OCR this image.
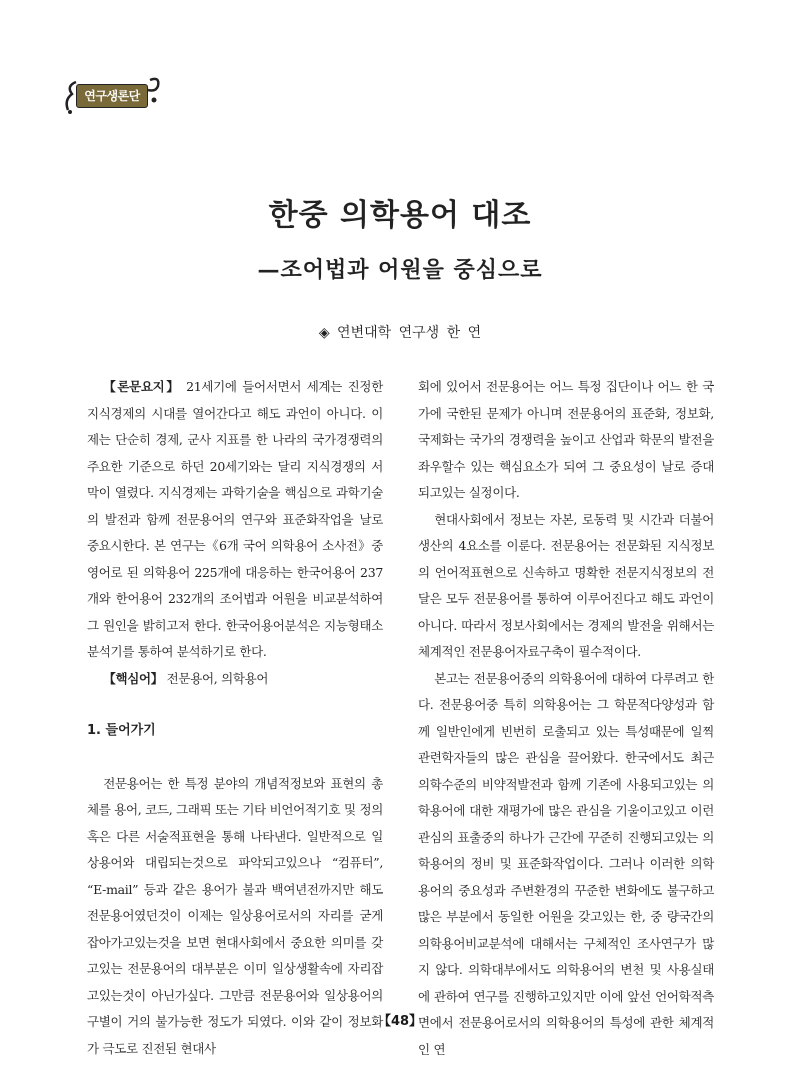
연구생론단
한중 의학용어 대조
—조어법과 어원을 중심으로
◈ 연변대학 연구생 한 연

【론문요지】 21세기에 들어서면서 세계는 진정한 지식경제의 시대를 열어간다고 해도 과언이 아니다. 이제는 단순히 경제, 군사 지표를 한 나라의 국가경쟁력의 주요한 기준으로 하던 20세기와는 달리 지식경쟁의 서막이 열렸다. 지식경제는 과학기술을 핵심으로 과학기술의 발전과 함께 전문용어의 연구와 표준화작업을 날로 중요시한다. 본 연구는《6개 국어 의학용어 소사전》중 영어로 된 의학용어 225개에 대응하는 한국어용어 237개와 한어용어 232개의 조어법과 어원을 비교분석하여 그 원인을 밝히고저 한다. 한국어용어분석은 지능형태소분석기를 통하여 분석하기로 한다.

【핵심어】 전문용어, 의학용어

1. 들어가기

전문용어는 한 특정 분야의 개념적정보와 표현의 총체를 용어, 코드, 그래픽 또는 기타 비언어적기호 및 정의 혹은 다른 서술적표현을 통해 나타낸다. 일반적으로 일상용어와 대립되는것으로 파악되고있으나 “컴퓨터”, “E-mail” 등과 같은 용어가 불과 백여년전까지만 해도 전문용어였던것이 이제는 일상용어로서의 자리를 굳게 잡아가고있는것을 보면 현대사회에서 중요한 의미를 갖고있는 전문용어의 대부분은 이미 일상생활속에 자리잡고있는것이 아닌가싶다. 그만큼 전문용어와 일상용어의 구별이 거의 불가능한 정도가 되였다. 이와 같이 정보화가 극도로 진전된 현대사

회에 있어서 전문용어는 어느 특정 집단이나 어느 한 국가에 국한된 문제가 아니며 전문용어의 표준화, 정보화, 국제화는 국가의 경쟁력을 높이고 산업과 학문의 발전을 좌우할수 있는 핵심요소가 되여 그 중요성이 날로 증대되고있는 실정이다.

현대사회에서 정보는 자본, 로동력 및 시간과 더불어 생산의 4요소를 이룬다. 전문용어는 전문화된 지식정보의 언어적표현으로 신속하고 명확한 전문지식정보의 전달은 모두 전문용어를 통하여 이루어진다고 해도 과언이 아니다. 따라서 정보사회에서는 경제의 발전을 위해서는 체계적인 전문용어자료구축이 필수적이다.

본고는 전문용어중의 의학용어에 대하여 다루려고 한다. 전문용어중 특히 의학용어는 그 학문적다양성과 함께 일반인에게 빈번히 로출되고 있는 특성때문에 일찍 관련학자들의 많은 관심을 끌어왔다. 한국에서도 최근 의학수준의 비약적발전과 함께 기존에 사용되고있는 의학용어에 대한 재평가에 많은 관심을 기울이고있고 이런 관심의 표출중의 하나가 근간에 꾸준히 진행되고있는 의학용어의 정비 및 표준화작업이다. 그러나 이러한 의학용어의 중요성과 주변환경의 꾸준한 변화에도 불구하고 많은 부분에서 동일한 어원을 갖고있는 한, 중 량국간의 의학용어비교분석에 대해서는 구체적인 조사연구가 많지 않다. 의학대부에서도 의학용어의 변천 및 사용실태에 관하여 연구를 진행하고있지만 이에 앞선 언어학적측면에서 전문용어로서의 의학용어의 특성에 관한 체계적인 연

【48】
